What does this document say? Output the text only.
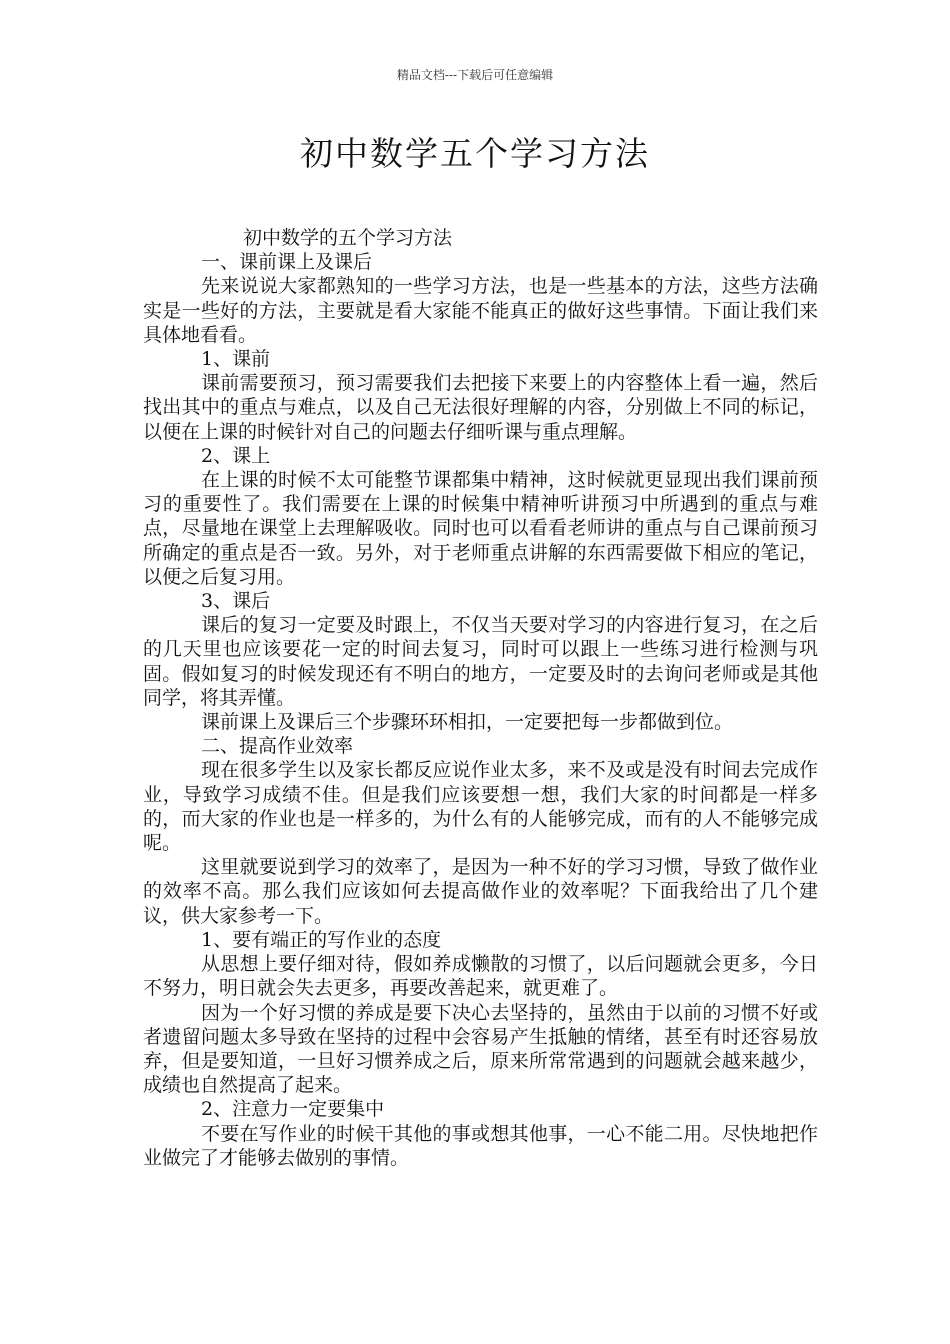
精品文档---下载后可任意编辑
初中数学五个学习方法

初中数学的五个学习方法

一、课前课上及课后

先来说说大家都熟知的一些学习方法，也是一些基本的方法，这些方法确实是一些好的方法，主要就是看大家能不能真正的做好这些事情。下面让我们来具体地看看。

1、课前

课前需要预习，预习需要我们去把接下来要上的内容整体上看一遍，然后找出其中的重点与难点，以及自己无法很好理解的内容，分别做上不同的标记，以便在上课的时候针对自己的问题去仔细听课与重点理解。

2、课上

在上课的时候不太可能整节课都集中精神，这时候就更显现出我们课前预习的重要性了。我们需要在上课的时候集中精神听讲预习中所遇到的重点与难点，尽量地在课堂上去理解吸收。同时也可以看看老师讲的重点与自己课前预习所确定的重点是否一致。另外，对于老师重点讲解的东西需要做下相应的笔记，以便之后复习用。

3、课后

课后的复习一定要及时跟上，不仅当天要对学习的内容进行复习，在之后的几天里也应该要花一定的时间去复习，同时可以跟上一些练习进行检测与巩固。假如复习的时候发现还有不明白的地方，一定要及时的去询问老师或是其他同学，将其弄懂。

课前课上及课后三个步骤环环相扣，一定要把每一步都做到位。

二、提高作业效率

现在很多学生以及家长都反应说作业太多，来不及或是没有时间去完成作业，导致学习成绩不佳。但是我们应该要想一想，我们大家的时间都是一样多的，而大家的作业也是一样多的，为什么有的人能够完成，而有的人不能够完成呢。

这里就要说到学习的效率了，是因为一种不好的学习习惯，导致了做作业的效率不高。那么我们应该如何去提高做作业的效率呢？下面我给出了几个建议，供大家参考一下。

1、要有端正的写作业的态度

从思想上要仔细对待，假如养成懒散的习惯了，以后问题就会更多，今日不努力，明日就会失去更多，再要改善起来，就更难了。

因为一个好习惯的养成是要下决心去坚持的，虽然由于以前的习惯不好或者遗留问题太多导致在坚持的过程中会容易产生抵触的情绪，甚至有时还容易放弃，但是要知道，一旦好习惯养成之后，原来所常常遇到的问题就会越来越少，成绩也自然提高了起来。

2、注意力一定要集中

不要在写作业的时候干其他的事或想其他事，一心不能二用。尽快地把作业做完了才能够去做别的事情。
